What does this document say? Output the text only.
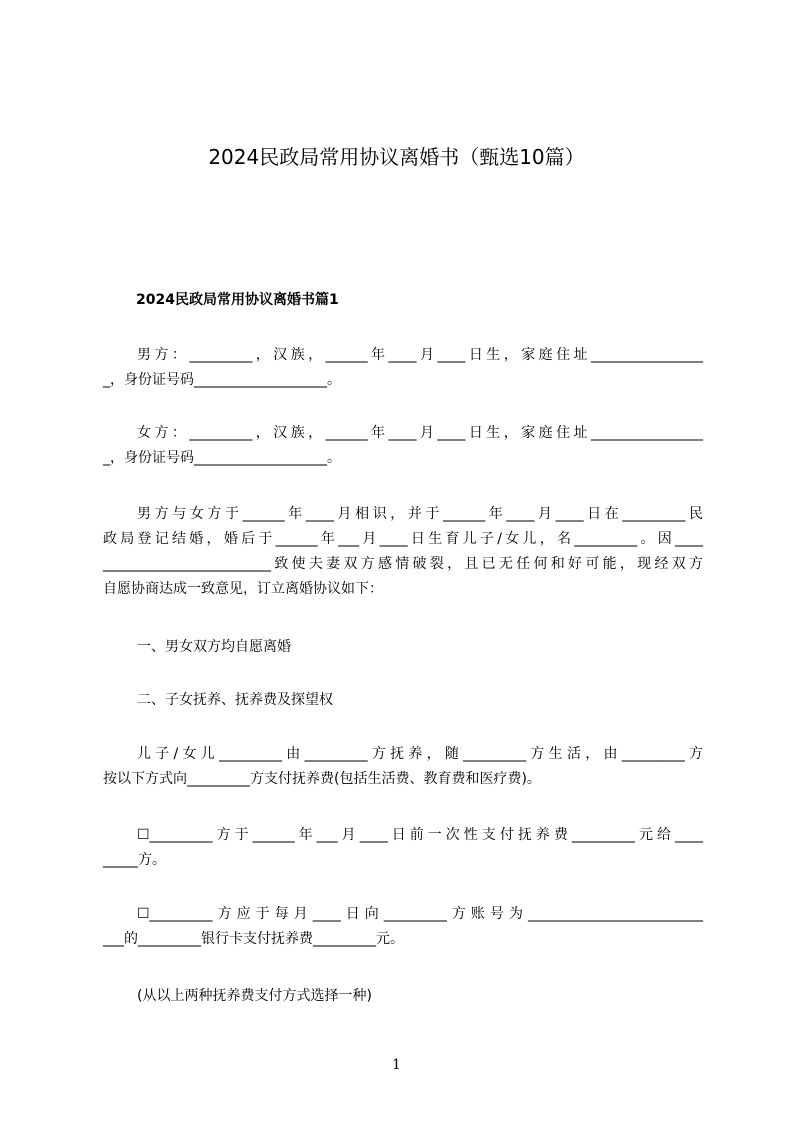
2024民政局常用协议离婚书（甄选10篇）
2024民政局常用协议离婚书篇1
男方：_________，汉族，______年____月____日生，家庭住址________________
_，身份证号码___________________。
女方：_________，汉族，______年____月____日生，家庭住址________________
_，身份证号码___________________。
男方与女方于______年____月相识，并于______年____月____日在_________民
政局登记结婚，婚后于______年___月____日生育儿子/女儿，名_________。因____
________________________致使夫妻双方感情破裂，且已无任何和好可能，现经双方
自愿协商达成一致意见，订立离婚协议如下：
一、男女双方均自愿离婚
二、子女抚养、抚养费及探望权
儿子/女儿_________由_________方抚养，随_________方生活，由_________方
按以下方式向_________方支付抚养费(包括生活费、教育费和医疗费)。
☐_________方于______年___月____日前一次性支付抚养费_________元给____
_____方。
☐_________方应于每月____日向_________方账号为_________________________
___的_________银行卡支付抚养费_________元。
(从以上两种抚养费支付方式选择一种)
1
